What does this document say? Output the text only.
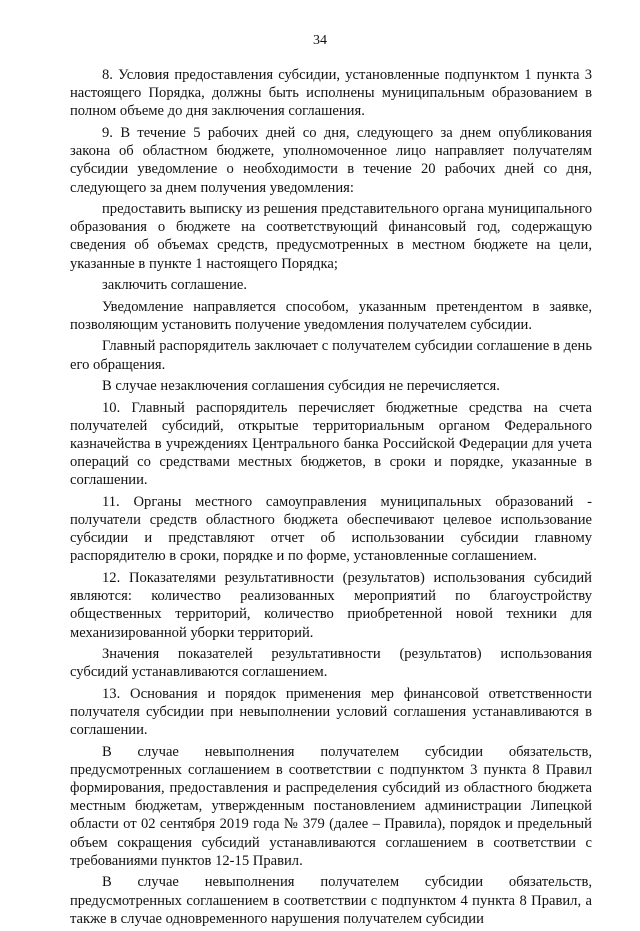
34

8. Условия предоставления субсидии, установленные подпунктом 1 пункта 3 настоящего Порядка, должны быть исполнены муниципальным образованием в полном объеме до дня заключения соглашения.

9. В течение 5 рабочих дней со дня, следующего за днем опубликования закона об областном бюджете, уполномоченное лицо направляет получателям субсидии уведомление о необходимости в течение 20 рабочих дней со дня, следующего за днем получения уведомления:

предоставить выписку из решения представительного органа муниципального образования о бюджете на соответствующий финансовый год, содержащую сведения об объемах средств, предусмотренных в местном бюджете на цели, указанные в пункте 1 настоящего Порядка;

заключить соглашение.

Уведомление направляется способом, указанным претендентом в заявке, позволяющим установить получение уведомления получателем субсидии.

Главный распорядитель заключает с получателем субсидии соглашение в день его обращения.

В случае незаключения соглашения субсидия не перечисляется.

10. Главный распорядитель перечисляет бюджетные средства на счета получателей субсидий, открытые территориальным органом Федерального казначейства в учреждениях Центрального банка Российской Федерации для учета операций со средствами местных бюджетов, в сроки и порядке, указанные в соглашении.

11. Органы местного самоуправления муниципальных образований - получатели средств областного бюджета обеспечивают целевое использование субсидии и представляют отчет об использовании субсидии главному распорядителю в сроки, порядке и по форме, установленные соглашением.

12. Показателями результативности (результатов) использования субсидий являются: количество реализованных мероприятий по благоустройству общественных территорий, количество приобретенной новой техники для механизированной уборки территорий.

Значения показателей результативности (результатов) использования субсидий устанавливаются соглашением.

13. Основания и порядок применения мер финансовой ответственности получателя субсидии при невыполнении условий соглашения устанавливаются в соглашении.

В случае невыполнения получателем субсидии обязательств, предусмотренных соглашением в соответствии с подпунктом 3 пункта 8 Правил формирования, предоставления и распределения субсидий из областного бюджета местным бюджетам, утвержденным постановлением администрации Липецкой области от 02 сентября 2019 года № 379 (далее – Правила), порядок и предельный объем сокращения субсидий устанавливаются соглашением в соответствии с требованиями пунктов 12-15 Правил.

В случае невыполнения получателем субсидии обязательств, предусмотренных соглашением в соответствии с подпунктом 4 пункта 8 Правил, а также в случае одновременного нарушения получателем субсидии
